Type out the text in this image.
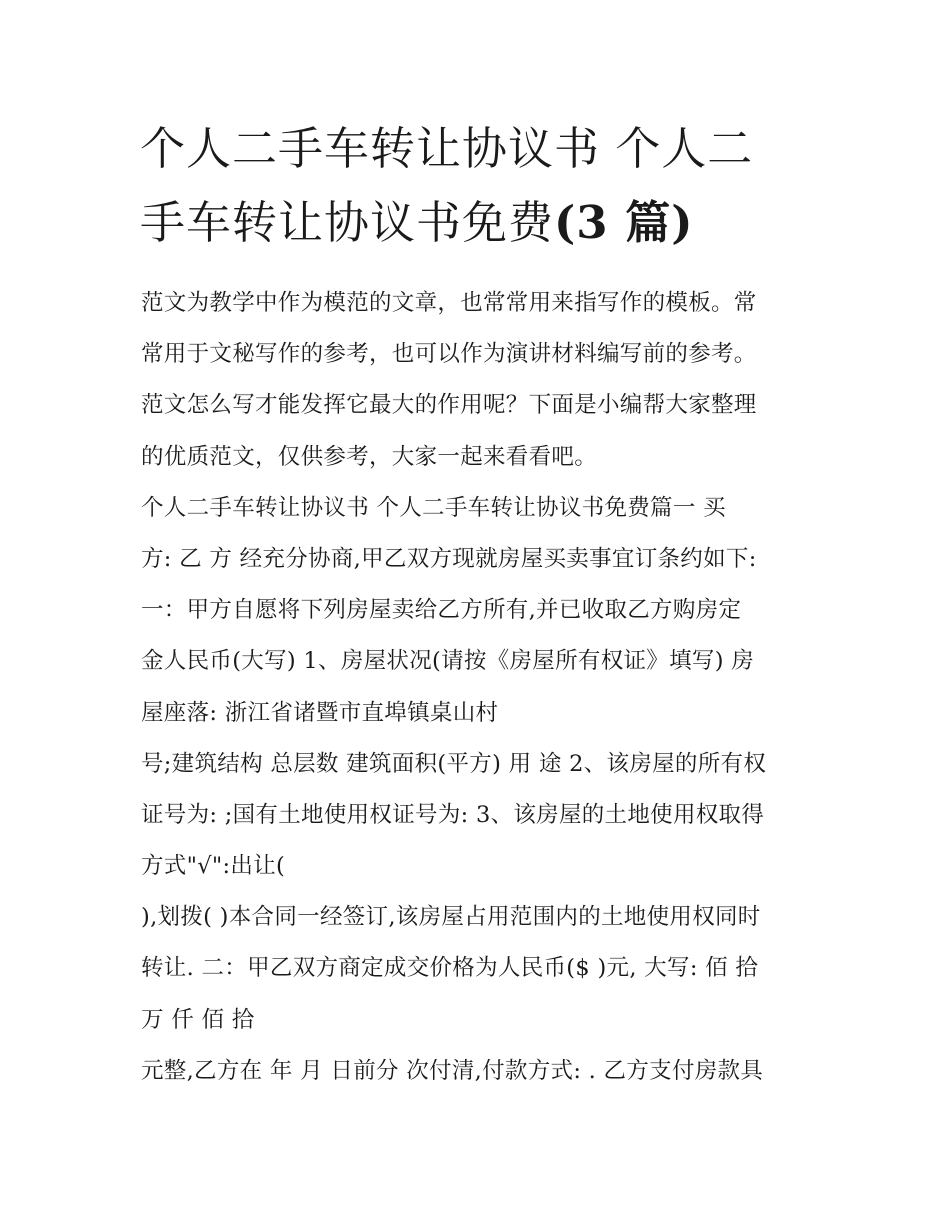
个人二手车转让协议书 个人二
手车转让协议书免费(3 篇)
范文为教学中作为模范的文章，也常常用来指写作的模板。常
常用于文秘写作的参考，也可以作为演讲材料编写前的参考。
范文怎么写才能发挥它最大的作用呢？下面是小编帮大家整理
的优质范文，仅供参考，大家一起来看看吧。
个人二手车转让协议书 个人二手车转让协议书免费篇一 买
方: 乙 方 经充分协商,甲乙双方现就房屋买卖事宜订条约如下:
一：甲方自愿将下列房屋卖给乙方所有,并已收取乙方购房定
金人民币(大写) 1、房屋状况(请按《房屋所有权证》填写) 房
屋座落: 浙江省诸暨市直埠镇桌山村
号;建筑结构 总层数 建筑面积(平方) 用 途 2、该房屋的所有权
证号为: ;国有土地使用权证号为: 3、该房屋的土地使用权取得
方式"√":出让(
),划拨( )本合同一经签订,该房屋占用范围内的土地使用权同时
转让. 二：甲乙双方商定成交价格为人民币($ )元, 大写: 佰 拾
万 仟 佰 拾
元整,乙方在 年 月 日前分 次付清,付款方式: . 乙方支付房款具
